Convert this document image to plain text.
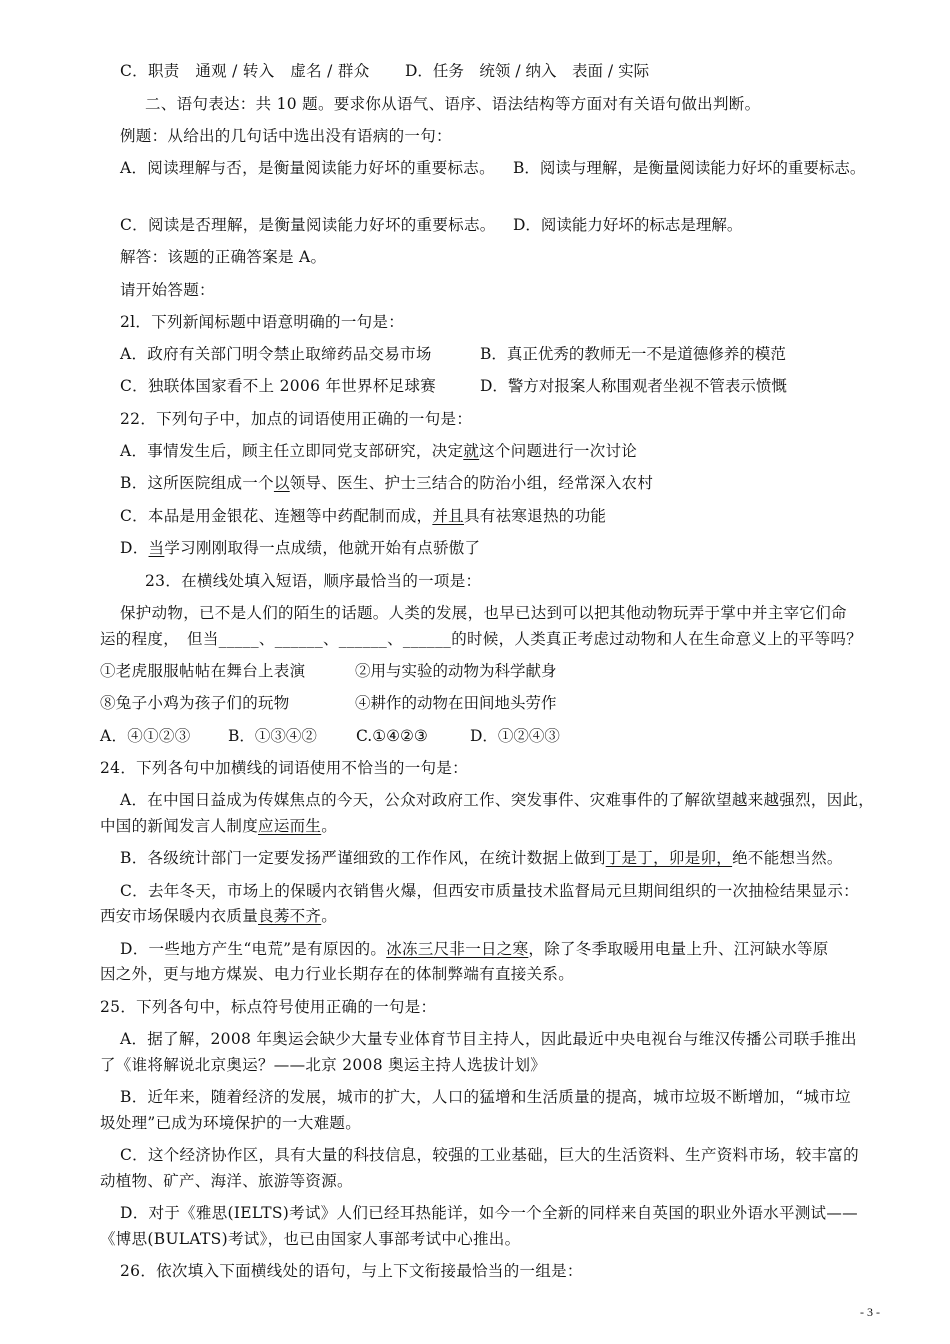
C．职责　通观 / 转入　虚名 / 群众 D．任务　统领 / 纳入　表面 / 实际
二、语句表达：共 10 题。要求你从语气、语序、语法结构等方面对有关语句做出判断。
例题：从给出的几句话中选出没有语病的一句：
A．阅读理解与否，是衡量阅读能力好坏的重要标志。 B．阅读与理解，是衡量阅读能力好坏的重要标志。
C．阅读是否理解，是衡量阅读能力好坏的重要标志。 D．阅读能力好坏的标志是理解。
解答：该题的正确答案是 A。
请开始答题：
2l．下列新闻标题中语意明确的一句是：
A．政府有关部门明令禁止取缔药品交易市场	B．真正优秀的教师无一不是道德修养的模范
C．独联体国家看不上 2006 年世界杯足球赛	D．警方对报案人称围观者坐视不管表示愤慨
22．下列句子中，加点的词语使用正确的一句是：
A．事情发生后，顾主任立即同党支部研究，决定就这个问题进行一次讨论
B．这所医院组成一个以领导、医生、护士三结合的防治小组，经常深入农村
C．本品是用金银花、连翘等中药配制而成，并且具有祛寒退热的功能
D．当学习刚刚取得一点成绩，他就开始有点骄傲了
23．在横线处填入短语，顺序最恰当的一项是：
保护动物，已不是人们的陌生的话题。人类的发展，也早已达到可以把其他动物玩弄于掌中并主宰它们命
运的程度，　但当_____、______、______、______的时候，人类真正考虑过动物和人在生命意义上的平等吗？
①老虎服服帖帖在舞台上表演	②用与实验的动物为科学献身
⑧兔子小鸡为孩子们的玩物	④耕作的动物在田间地头劳作
A．④①②③ B．①③④②	C.①④②③	D．①②④③
24．下列各句中加横线的词语使用不恰当的一句是：
A．在中国日益成为传媒焦点的今天，公众对政府工作、突发事件、灾难事件的了解欲望越来越强烈，因此，
中国的新闻发言人制度应运而生。
B．各级统计部门一定要发扬严谨细致的工作作风，在统计数据上做到丁是丁，卯是卯，绝不能想当然。
C．去年冬天，市场上的保暖内衣销售火爆，但西安市质量技术监督局元旦期间组织的一次抽检结果显示：
西安市场保暖内衣质量良莠不齐。
D．一些地方产生“电荒”是有原因的。冰冻三尺非一日之寒，除了冬季取暖用电量上升、江河缺水等原
因之外，更与地方煤炭、电力行业长期存在的体制弊端有直接关系。
25．下列各句中，标点符号使用正确的一句是：
A．据了解，2008 年奥运会缺少大量专业体育节目主持人，因此最近中央电视台与维汉传播公司联手推出
了《谁将解说北京奥运？——北京 2008 奥运主持人选拔计划》
B．近年来，随着经济的发展，城市的扩大，人口的猛增和生活质量的提高，城市垃圾不断增加，“城市垃
圾处理”已成为环境保护的一大难题。
C．这个经济协作区，具有大量的科技信息，较强的工业基础，巨大的生活资料、生产资料市场，较丰富的
动植物、矿产、海洋、旅游等资源。
D．对于《雅思(IELTS)考试》人们已经耳热能详，如今一个全新的同样来自英国的职业外语水平测试——
《博思(BULATS)考试》，也已由国家人事部考试中心推出。
26．依次填入下面横线处的语句，与上下文衔接最恰当的一组是：
- 3 -
